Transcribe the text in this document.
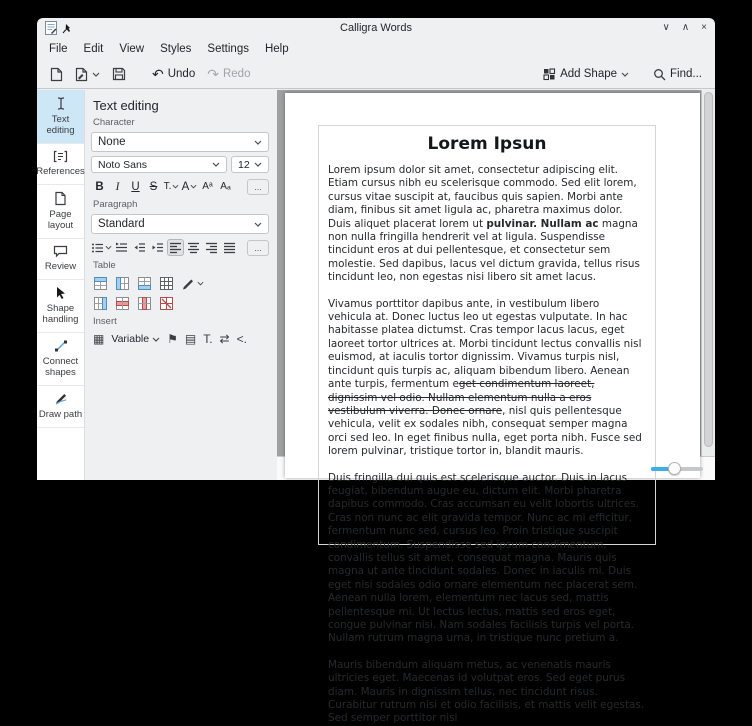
Calligra Words	∨ ∧ ×
File	Edit	View	Styles	Settings	Help
↶ Undo ↷ Redo	Add Shape	Find...
Text editing
References
Page layout
Review
Shape handling
Connect shapes
Draw path
Text editing
Character
None
Noto Sans	12
B	I	U S T. A	Aᵃ Aₐ	...
Paragraph
Standard
...
Table
Insert
▦ Variable ⚑ ▤ T. ⇄ <.
Lorem Ipsun

Lorem ipsum dolor sit amet, consectetur adipiscing elit. Etiam cursus nibh eu scelerisque commodo. Sed elit lorem, cursus vitae suscipit at, faucibus quis sapien. Morbi ante diam, finibus sit amet ligula ac, pharetra maximus dolor. Duis aliquet placerat lorem ut pulvinar. Nullam ac magna non nulla fringilla hendrerit vel at ligula. Suspendisse tincidunt eros at dui pellentesque, et consectetur sem molestie. Sed dapibus, lacus vel dictum gravida, tellus risus tincidunt leo, non egestas nisi libero sit amet lacus.

Vivamus porttitor dapibus ante, in vestibulum libero vehicula at. Donec luctus leo ut egestas vulputate. In hac habitasse platea dictumst. Cras tempor lacus lacus, eget laoreet tortor ultrices at. Morbi tincidunt lectus convallis nisl euismod, at iaculis tortor dignissim. Vivamus turpis nisl, tincidunt quis turpis ac, aliquam bibendum libero. Aenean ante turpis, fermentum eget condimentum laoreet, dignissim vel odio. Nullam elementum nulla a eros vestibulum viverra. Donec ornare, nisl quis pellentesque vehicula, velit ex sodales nibh, consequat semper magna orci sed leo. In eget finibus nulla, eget porta nibh. Fusce sed lorem pulvinar, tristique tortor in, blandit mauris.

Duis fringilla dui quis est scelerisque auctor. Duis in lacus feugiat, bibendum augue eu, dictum elit. Morbi pharetra dapibus commodo. Cras accumsan eu velit lobortis ultrices. Cras non nunc ac elit gravida tempor. Nunc ac mi efficitur, fermentum nunc sed, cursus leo. Proin tristique suscipit condimentum. Suspendisse sed ipsum condimentum, convallis tellus sit amet, consequat magna. Mauris quis magna ut ante tincidunt sodales. Donec in iaculis mi. Duis eget nisi sodales odio ornare elementum nec placerat sem. Aenean nulla lorem, elementum nec lacus sed, mattis pellentesque mi. Ut lectus lectus, mattis sed eros eget, congue pulvinar nisi. Nam sodales facilisis turpis vel porta. Nullam rutrum magna urna, in tristique nunc pretium a.

Mauris bibendum aliquam metus, ac venenatis mauris ultricies eget. Maecenas id volutpat eros. Sed eget purus diam. Mauris in dignissim tellus, nec tincidunt risus. Curabitur rutrum nisi et odio facilisis, et mattis velit egestas. Sed semper porttitor nisl
